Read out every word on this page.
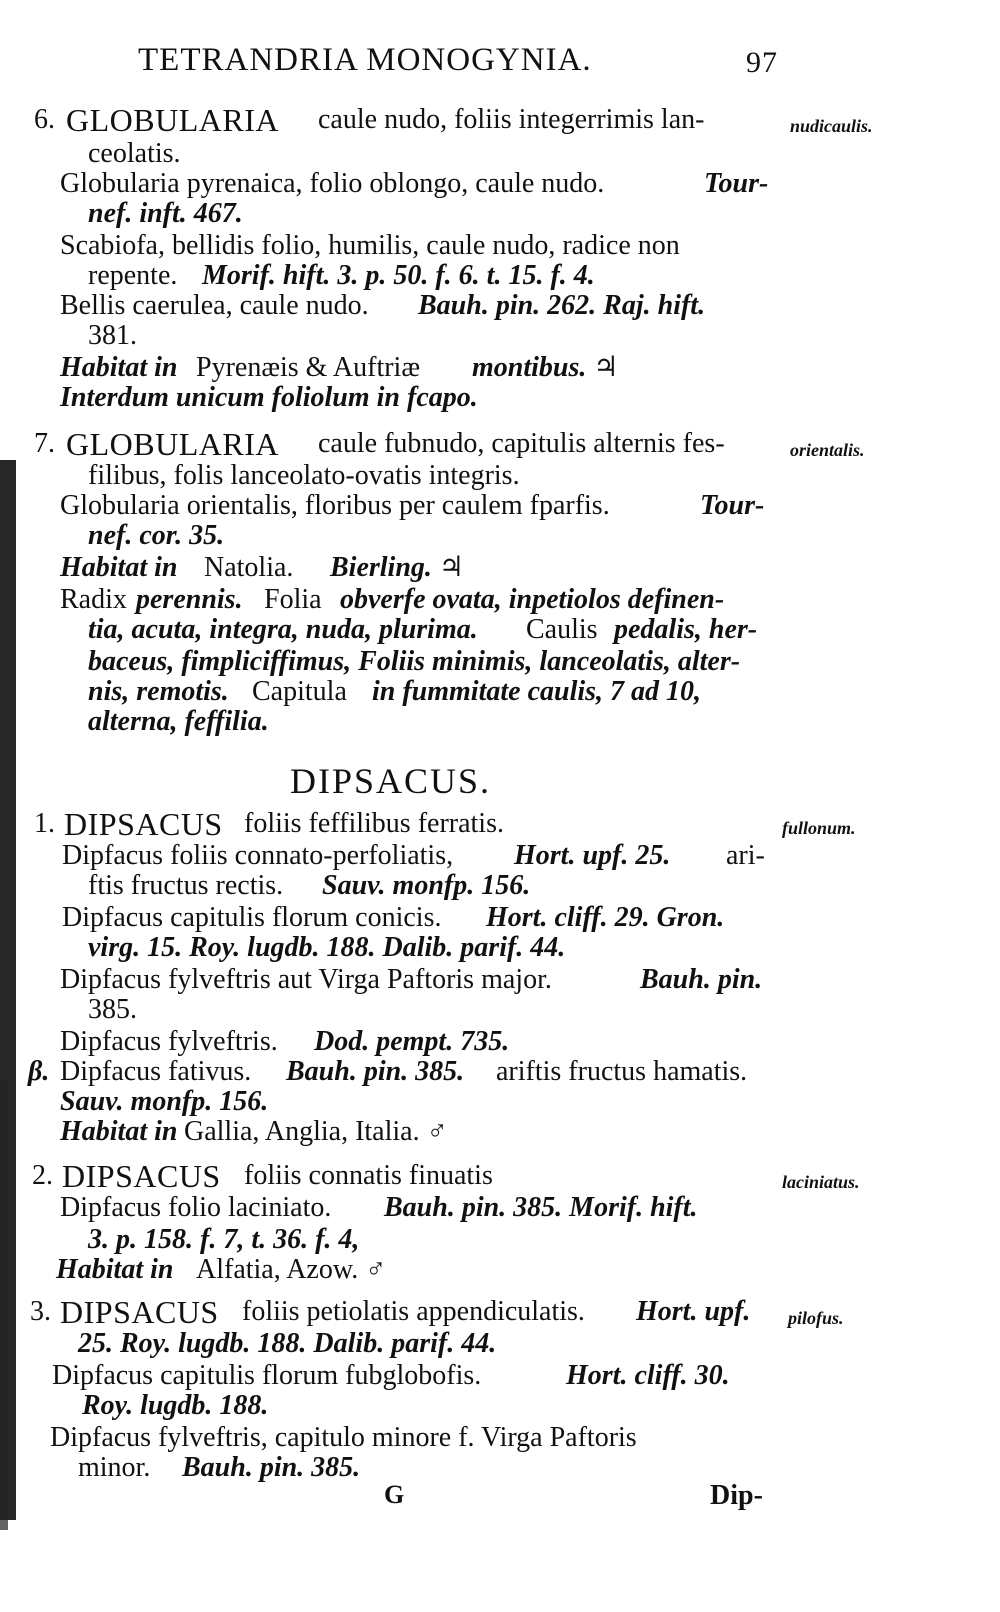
TETRANDRIA MONOGYNIA.	97
6. GLOBULARIA caule nudo, foliis integerrimis lan-	nudicaulis.
ceolatis.
Globularia pyrenaica, folio oblongo, caule nudo.	Tour-
nef. inft. 467.
Scabiofa, bellidis folio, humilis, caule nudo, radice non
repente. Morif. hift. 3. p. 50. f. 6. t. 15. f. 4.
Bellis caerulea, caule nudo. Bauh. pin. 262. Raj. hift.
381.
Habitat in Pyrenæis & Auftriæ montibus. ♃
Interdum unicum foliolum in fcapo.
7. GLOBULARIA caule fubnudo, capitulis alternis fes-	orientalis.
filibus, folis lanceolato-ovatis integris.
Globularia orientalis, floribus per caulem fparfis.	Tour-
nef. cor. 35.
Habitat in Natolia. Bierling. ♃
Radix perennis. Folia obverfe ovata, inpetiolos definen-
tia, acuta, integra, nuda, plurima. Caulis pedalis, her-
baceus, fimpliciffimus, Foliis minimis, lanceolatis, alter-
nis, remotis. Capitula in fummitate caulis, 7 ad 10,
alterna, feffilia.
DIPSACUS.
1. DIPSACUS foliis feffilibus ferratis.	fullonum.
Dipfacus foliis connato-perfoliatis, Hort. upf. 25. ari-
ftis fructus rectis. Sauv. monfp. 156.
Dipfacus capitulis florum conicis. Hort. cliff. 29. Gron.
virg. 15. Roy. lugdb. 188. Dalib. parif. 44.
Dipfacus fylveftris aut Virga Paftoris major.	Bauh. pin.
385.
Dipfacus fylveftris. Dod. pempt. 735.
β. Dipfacus fativus. Bauh. pin. 385. ariftis fructus hamatis.
Sauv. monfp. 156.
Habitat in Gallia, Anglia, Italia. ♂
2. DIPSACUS foliis connatis finuatis	laciniatus.
Dipfacus folio laciniato. Bauh. pin. 385. Morif. hift.
3. p. 158. f. 7, t. 36. f. 4,
Habitat in Alfatia, Azow. ♂
3. DIPSACUS foliis petiolatis appendiculatis. Hort. upf. pilofus.
25. Roy. lugdb. 188. Dalib. parif. 44.
Dipfacus capitulis florum fubglobofis.	Hort. cliff. 30.
Roy. lugdb. 188.
Dipfacus fylveftris, capitulo minore f. Virga Paftoris
minor. Bauh. pin. 385.
G	Dip-
